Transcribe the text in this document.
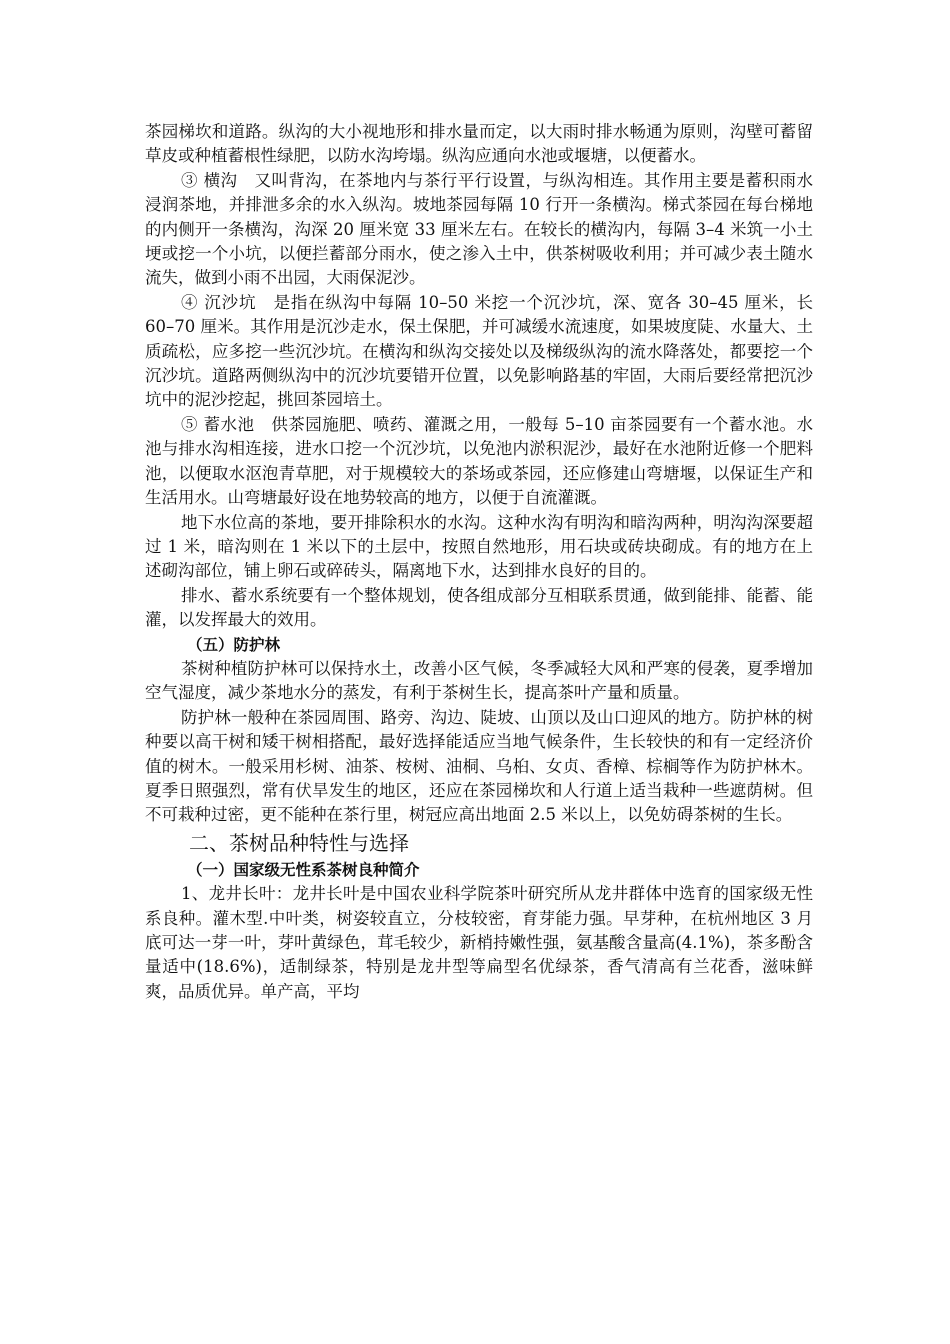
茶园梯坎和道路。纵沟的大小视地形和排水量而定，以大雨时排水畅通为原则，沟壁可蓄留草皮或种植蓄根性绿肥，以防水沟垮塌。纵沟应通向水池或堰塘，以便蓄水。

③ 横沟　又叫背沟，在茶地内与茶行平行设置，与纵沟相连。其作用主要是蓄积雨水浸润茶地，并排泄多余的水入纵沟。坡地茶园每隔 10 行开一条横沟。梯式茶园在每台梯地的内侧开一条横沟，沟深 20 厘米宽 33 厘米左右。在较长的横沟内，每隔 3–4 米筑一小土埂或挖一个小坑，以便拦蓄部分雨水，使之渗入土中，供茶树吸收利用；并可减少表土随水流失，做到小雨不出园，大雨保泥沙。

④ 沉沙坑　是指在纵沟中每隔 10–50 米挖一个沉沙坑，深、宽各 30–45 厘米，长 60–70 厘米。其作用是沉沙走水，保土保肥，并可减缓水流速度，如果坡度陡、水量大、土质疏松，应多挖一些沉沙坑。在横沟和纵沟交接处以及梯级纵沟的流水降落处，都要挖一个沉沙坑。道路两侧纵沟中的沉沙坑要错开位置，以免影响路基的牢固，大雨后要经常把沉沙坑中的泥沙挖起，挑回茶园培土。

⑤ 蓄水池　供茶园施肥、喷药、灌溉之用，一般每 5–10 亩茶园要有一个蓄水池。水池与排水沟相连接，进水口挖一个沉沙坑，以免池内淤积泥沙，最好在水池附近修一个肥料池，以便取水沤泡青草肥，对于规模较大的茶场或茶园，还应修建山弯塘堰，以保证生产和生活用水。山弯塘最好设在地势较高的地方，以便于自流灌溉。

地下水位高的茶地，要开排除积水的水沟。这种水沟有明沟和暗沟两种，明沟沟深要超过 1 米，暗沟则在 1 米以下的土层中，按照自然地形，用石块或砖块砌成。有的地方在上述砌沟部位，铺上卵石或碎砖头，隔离地下水，达到排水良好的目的。

排水、蓄水系统要有一个整体规划，使各组成部分互相联系贯通，做到能排、能蓄、能灌，以发挥最大的效用。

（五）防护林

茶树种植防护林可以保持水土，改善小区气候，冬季减轻大风和严寒的侵袭，夏季增加空气湿度，减少茶地水分的蒸发，有利于茶树生长，提高茶叶产量和质量。

防护林一般种在茶园周围、路旁、沟边、陡坡、山顶以及山口迎风的地方。防护林的树种要以高干树和矮干树相搭配，最好选择能适应当地气候条件，生长较快的和有一定经济价值的树木。一般采用杉树、油茶、桉树、油桐、乌桕、女贞、香樟、棕榈等作为防护林木。夏季日照强烈，常有伏旱发生的地区，还应在茶园梯坎和人行道上适当栽种一些遮荫树。但不可栽种过密，更不能种在茶行里，树冠应高出地面 2.5 米以上，以免妨碍茶树的生长。

二、茶树品种特性与选择

（一）国家级无性系茶树良种简介

1、龙井长叶：龙井长叶是中国农业科学院茶叶研究所从龙井群体中选育的国家级无性系良种。灌木型.中叶类，树姿较直立，分枝较密，育芽能力强。早芽种，在杭州地区 3 月底可达一芽一叶，芽叶黄绿色，茸毛较少，新梢持嫩性强，氨基酸含量高(4.1%)，茶多酚含量适中(18.6%)，适制绿茶，特别是龙井型等扁型名优绿茶，香气清高有兰花香，滋味鲜爽，品质优异。单产高，平均
